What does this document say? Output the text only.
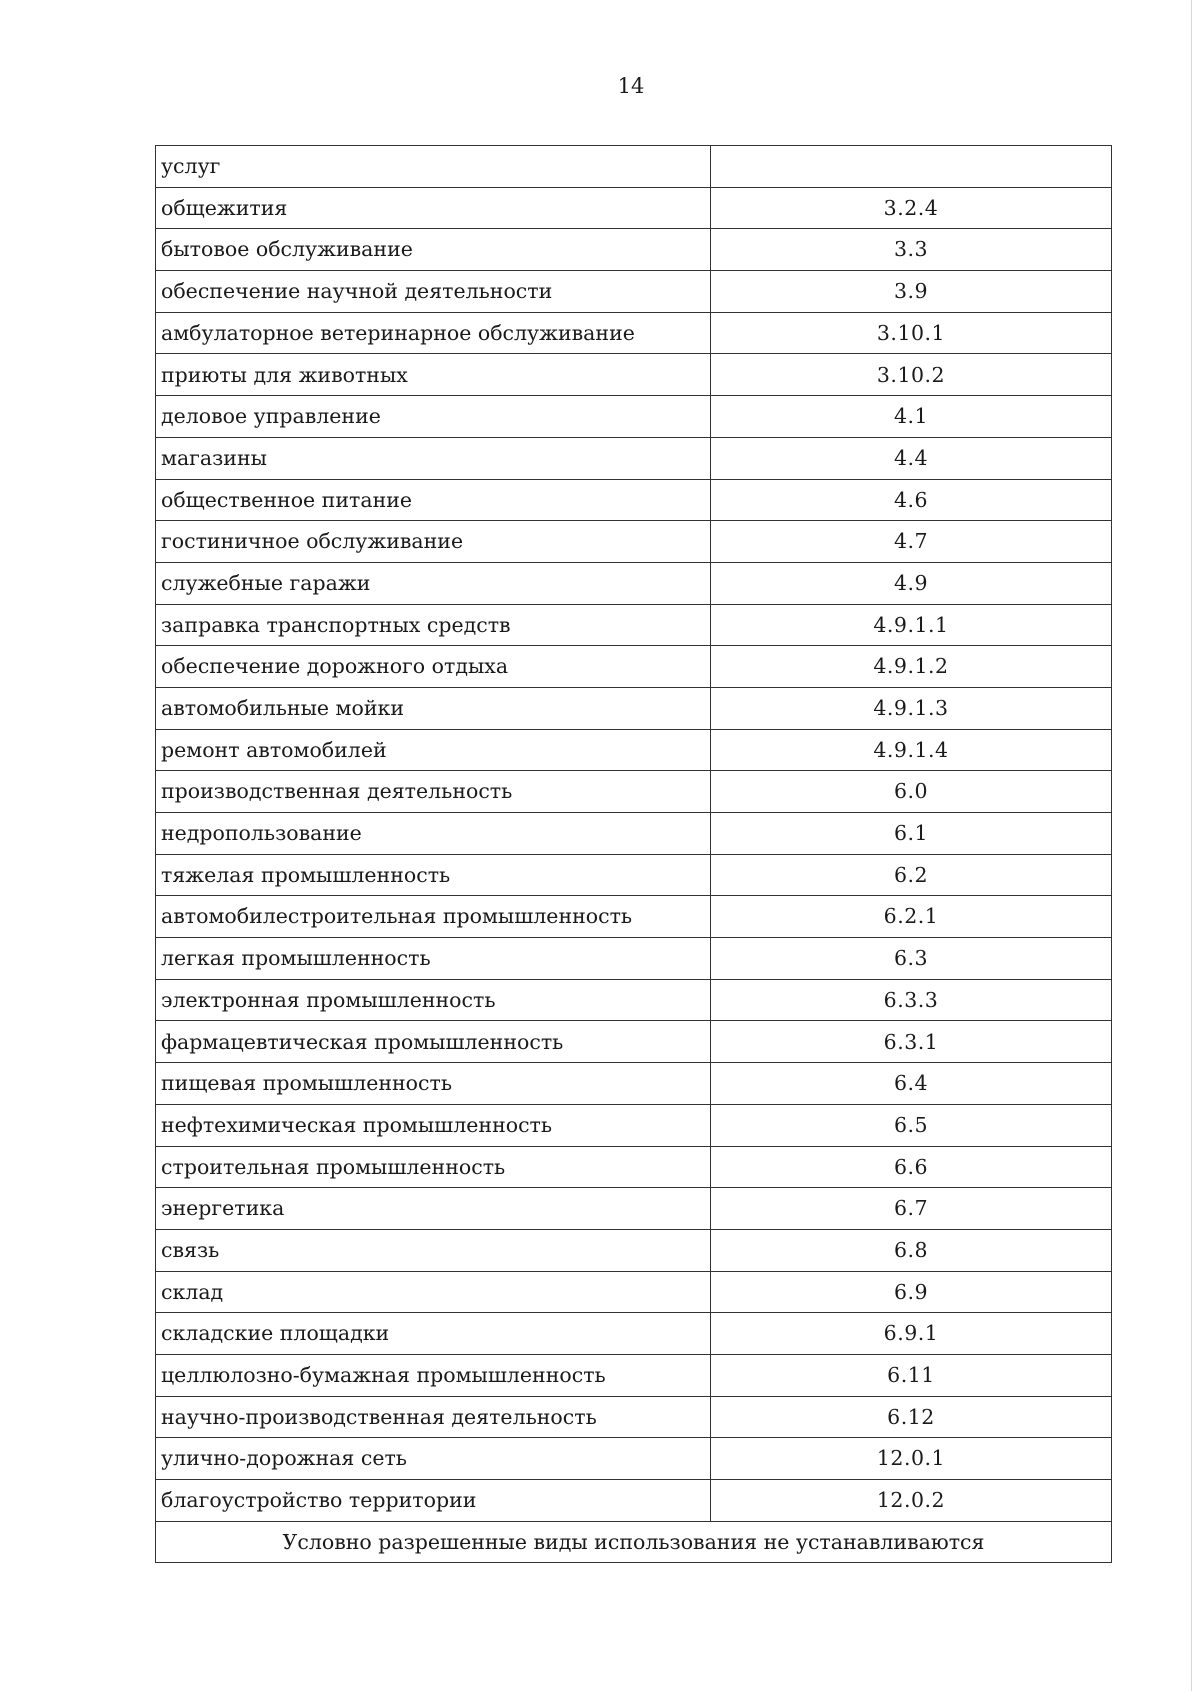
14
услуг	
общежития	3.2.4
бытовое обслуживание	3.3
обеспечение научной деятельности	3.9
амбулаторное ветеринарное обслуживание	3.10.1
приюты для животных	3.10.2
деловое управление	4.1
магазины	4.4
общественное питание	4.6
гостиничное обслуживание	4.7
служебные гаражи	4.9
заправка транспортных средств	4.9.1.1
обеспечение дорожного отдыха	4.9.1.2
автомобильные мойки	4.9.1.3
ремонт автомобилей	4.9.1.4
производственная деятельность	6.0
недропользование	6.1
тяжелая промышленность	6.2
автомобилестроительная промышленность	6.2.1
легкая промышленность	6.3
электронная промышленность	6.3.3
фармацевтическая промышленность	6.3.1
пищевая промышленность	6.4
нефтехимическая промышленность	6.5
строительная промышленность	6.6
энергетика	6.7
связь	6.8
склад	6.9
складские площадки	6.9.1
целлюлозно-бумажная промышленность	6.11
научно-производственная деятельность	6.12
улично-дорожная сеть	12.0.1
благоустройство территории	12.0.2
Условно разрешенные виды использования не устанавливаются	
